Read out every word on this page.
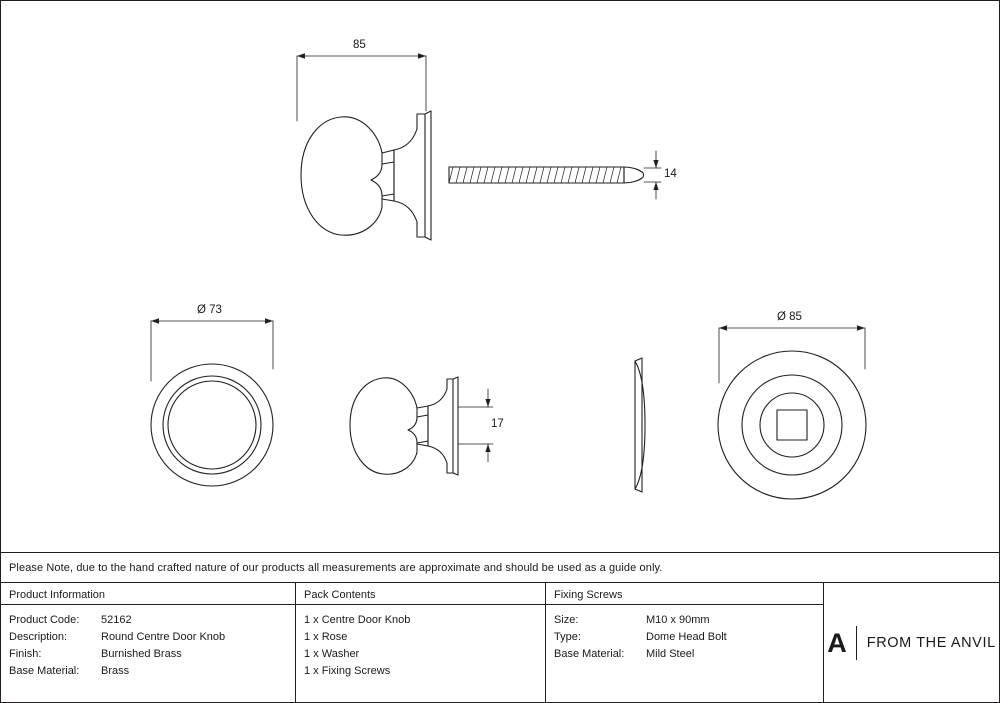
85
14
Ø 73
Ø 85
17
Please Note, due to the hand crafted nature of our products all measurements are approximate and should be used as a guide only.
Product Information
Product Code:	52162
Description:	Round Centre Door Knob
Finish:	Burnished Brass
Base Material:	Brass
Pack Contents
1 x Centre Door Knob
1 x Rose
1 x Washer
1 x Fixing Screws
Fixing Screws
Size:	M10 x 90mm
Type:	Dome Head Bolt
Base Material:	Mild Steel	A FROM THE ANVIL
